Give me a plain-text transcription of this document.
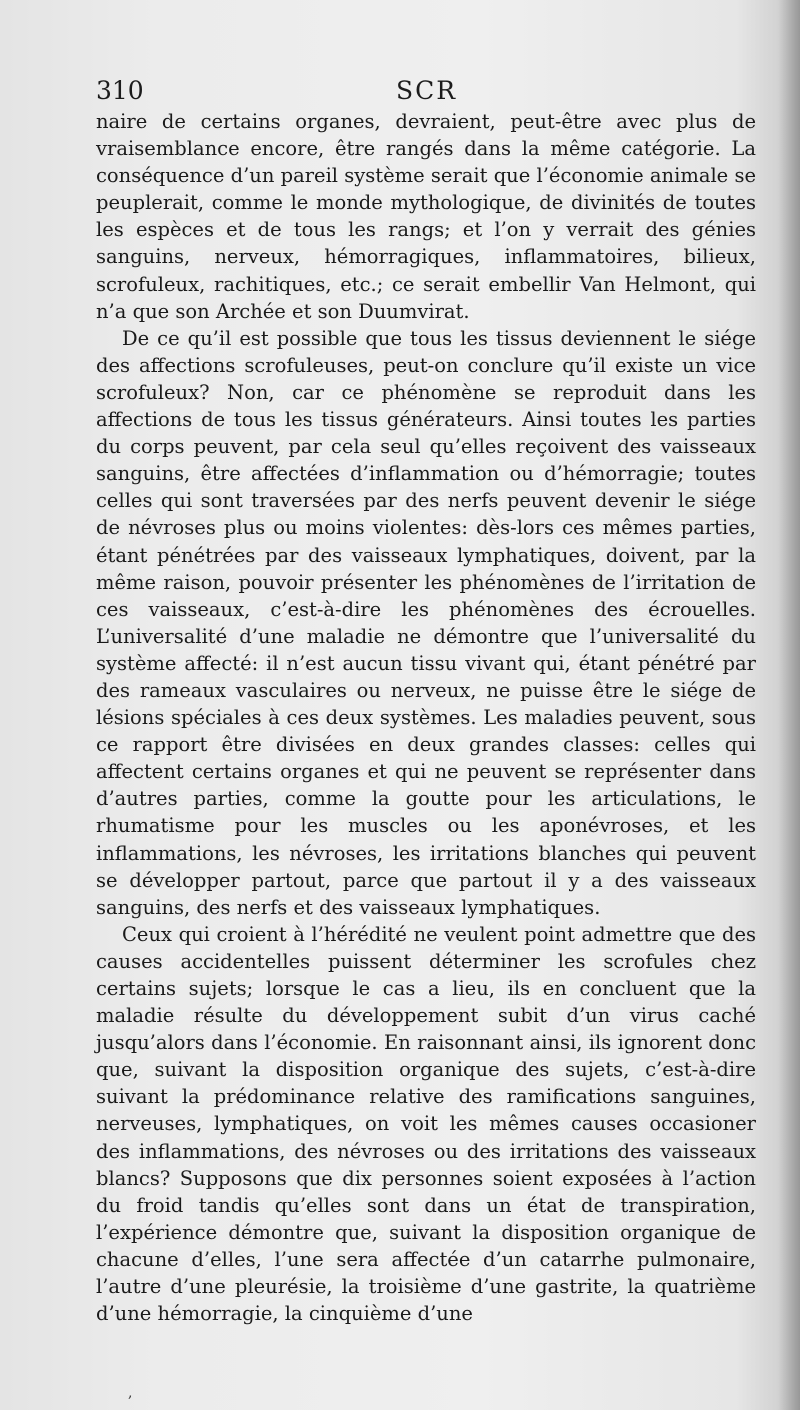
310	SCR

naire de certains organes, devraient, peut-être avec plus de vraisemblance encore, être rangés dans la même catégorie. La conséquence d’un pareil système serait que l’économie animale se peuplerait, comme le monde mythologique, de divinités de toutes les espèces et de tous les rangs; et l’on y verrait des génies sanguins, nerveux, hémorragiques, inflammatoires, bilieux, scrofuleux, rachitiques, etc.; ce serait embellir Van Helmont, qui n’a que son Archée et son Duumvirat.

De ce qu’il est possible que tous les tissus deviennent le siége des affections scrofuleuses, peut-on conclure qu’il existe un vice scrofuleux? Non, car ce phénomène se reproduit dans les affections de tous les tissus générateurs. Ainsi toutes les parties du corps peuvent, par cela seul qu’elles reçoivent des vaisseaux sanguins, être affectées d’inflammation ou d’hémorragie; toutes celles qui sont traversées par des nerfs peuvent devenir le siége de névroses plus ou moins violentes: dès-lors ces mêmes parties, étant pénétrées par des vaisseaux lymphatiques, doivent, par la même raison, pouvoir présenter les phénomènes de l’irritation de ces vaisseaux, c’est-à-dire les phénomènes des écrouelles. L’universalité d’une maladie ne démontre que l’universalité du système affecté: il n’est aucun tissu vivant qui, étant pénétré par des rameaux vasculaires ou nerveux, ne puisse être le siége de lésions spéciales à ces deux systèmes. Les maladies peuvent, sous ce rapport être divisées en deux grandes classes: celles qui affectent certains organes et qui ne peuvent se représenter dans d’autres parties, comme la goutte pour les articulations, le rhumatisme pour les muscles ou les aponévroses, et les inflammations, les névroses, les irritations blanches qui peuvent se développer partout, parce que partout il y a des vaisseaux sanguins, des nerfs et des vaisseaux lymphatiques.

Ceux qui croient à l’hérédité ne veulent point admettre que des causes accidentelles puissent déterminer les scrofules chez certains sujets; lorsque le cas a lieu, ils en concluent que la maladie résulte du développement subit d’un virus caché jusqu’alors dans l’économie. En raisonnant ainsi, ils ignorent donc que, suivant la disposition organique des sujets, c’est-à-dire suivant la prédominance relative des ramifications sanguines, nerveuses, lymphatiques, on voit les mêmes causes occasioner des inflammations, des névroses ou des irritations des vaisseaux blancs? Supposons que dix personnes soient exposées à l’action du froid tandis qu’elles sont dans un état de transpiration, l’expérience démontre que, suivant la disposition organique de chacune d’elles, l’une sera affectée d’un catarrhe pulmonaire, l’autre d’une pleurésie, la troisième d’une gastrite, la quatrième d’une hémorragie, la cinquième d’une

,
